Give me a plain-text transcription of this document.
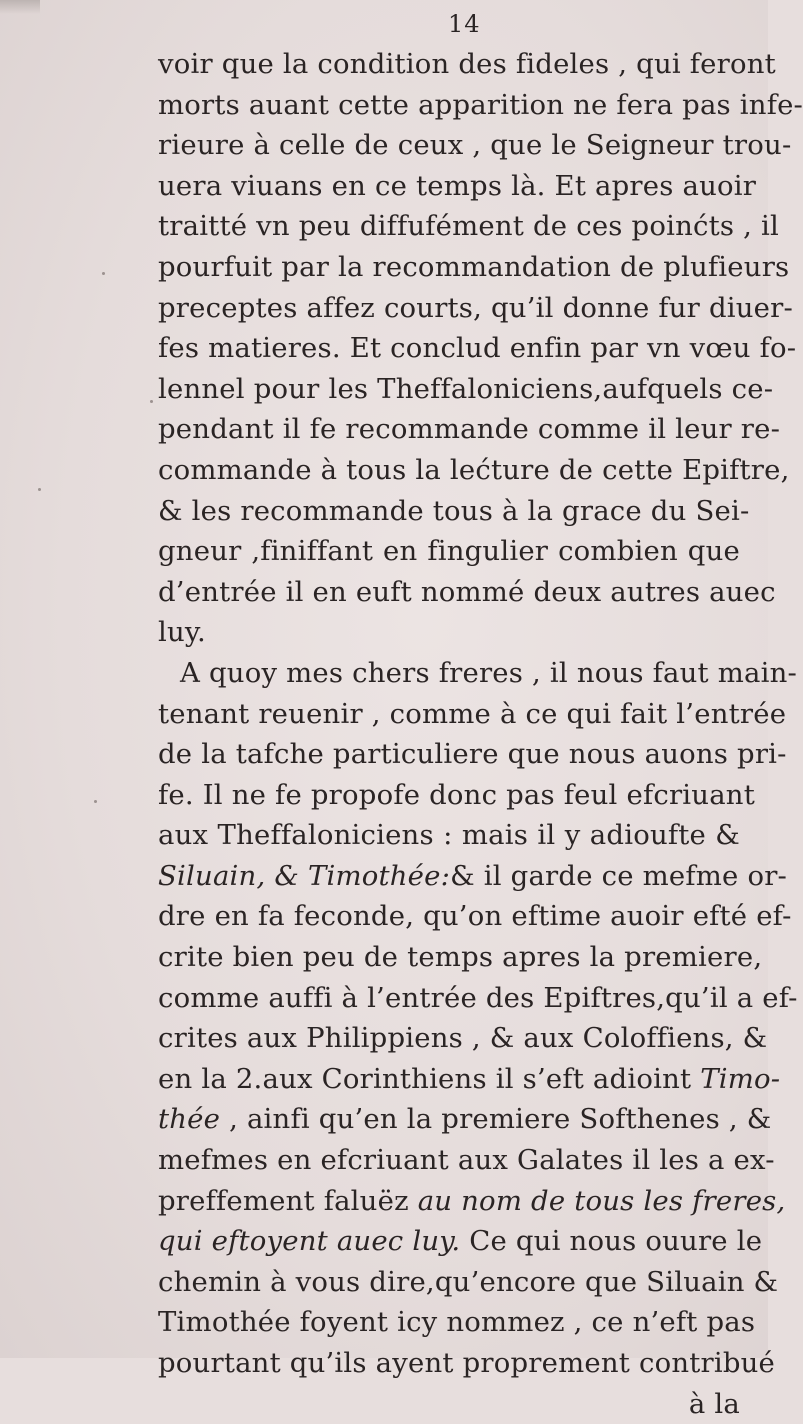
14
voir que la condition des fideles , qui feront
morts auant cette apparition ne fera pas infe-
rieure à celle de ceux , que le Seigneur trou-
uera viuans en ce temps là. Et apres auoir
traitté vn peu diffufément de ces poinćts , il
pourfuit par la recommandation de plufieurs
preceptes affez courts, qu’il donne fur diuer-
fes matieres. Et conclud enfin par vn vœu fo-
lennel pour les Theffaloniciens,aufquels ce-
pendant il fe recommande comme il leur re-
commande à tous la lećture de cette Epiftre,
& les recommande tous à la grace du Sei-
gneur ,finiffant en fingulier combien que
d’entrée il en euft nommé deux autres auec
luy.
A quoy mes chers freres , il nous faut main-
tenant reuenir , comme à ce qui fait l’entrée
de la tafche particuliere que nous auons pri-
fe. Il ne fe propofe donc pas feul efcriuant
aux Theffaloniciens : mais il y adioufte &
Siluain, & Timothée:& il garde ce mefme or-
dre en fa feconde, qu’on eftime auoir efté ef-
crite bien peu de temps apres la premiere,
comme auffi à l’entrée des Epiftres,qu’il a ef-
crites aux Philippiens , & aux Coloffiens, &
en la 2.aux Corinthiens il s’eft adioint Timo-
thée , ainfi qu’en la premiere Softhenes , &
mefmes en efcriuant aux Galates il les a ex-
preffement faluëz au nom de tous les freres,
qui eftoyent auec luy. Ce qui nous ouure le
chemin à vous dire,qu’encore que Siluain &
Timothée foyent icy nommez , ce n’eft pas
pourtant qu’ils ayent proprement contribué
à la
